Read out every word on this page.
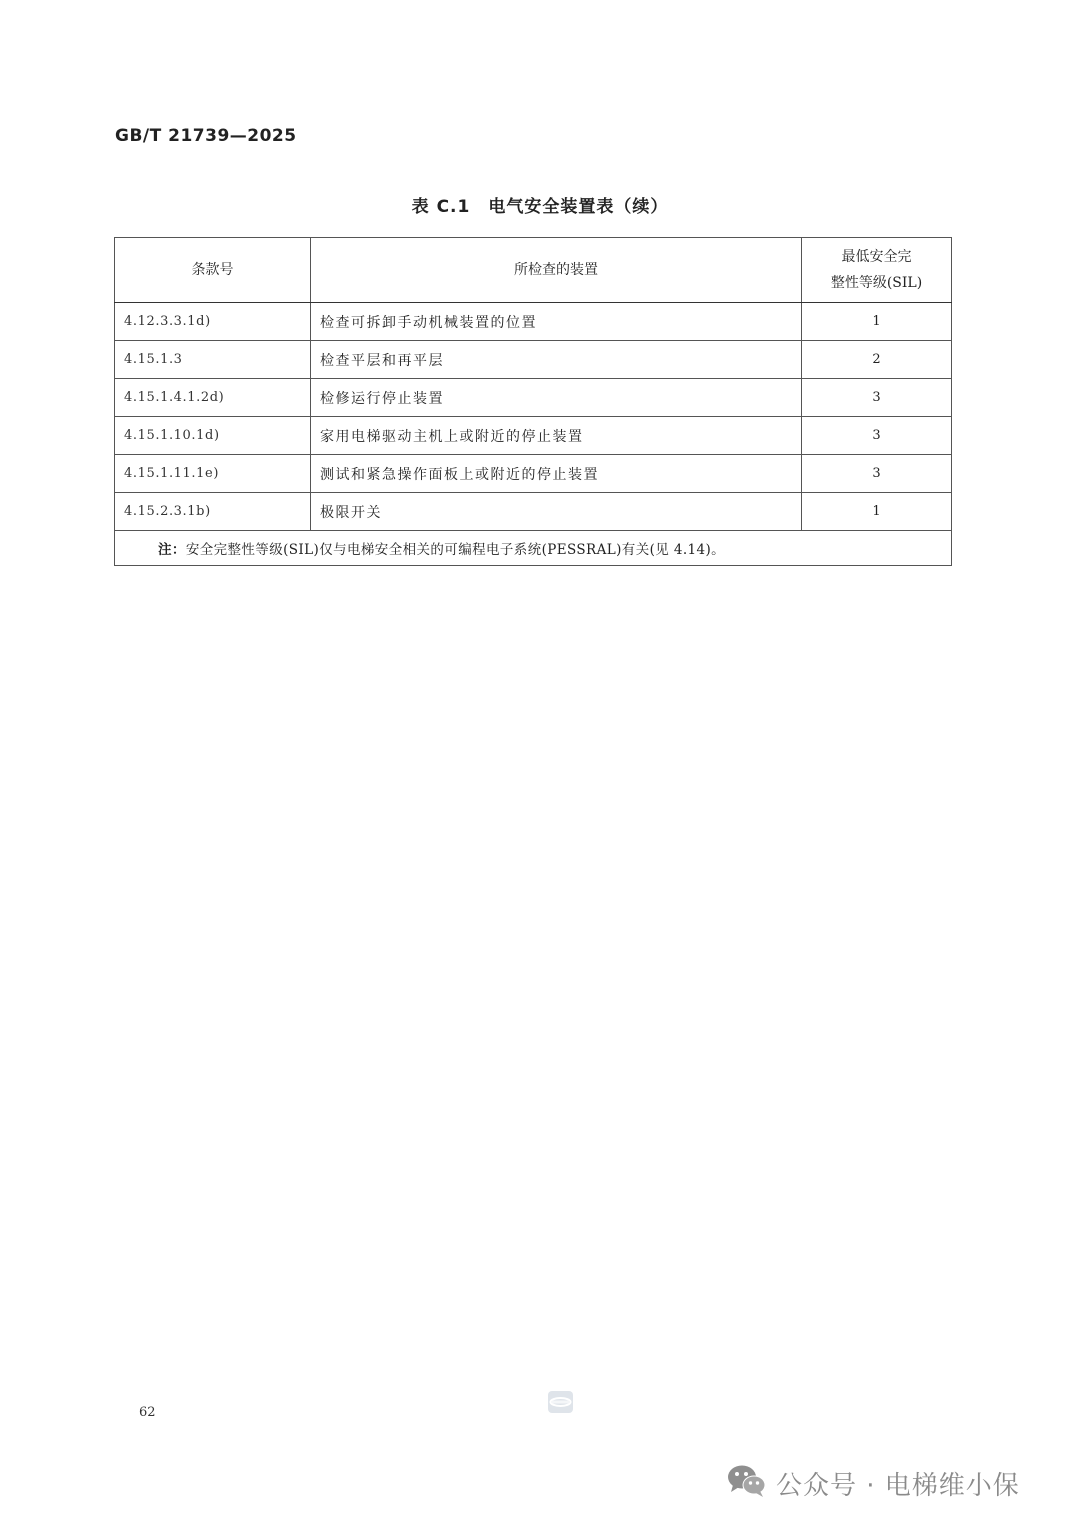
GB/T 21739—2025
表 C.1　电气安全装置表（续）
条款号	所检查的装置	最低安全完
整性等级(SIL)

4.12.3.3.1d)	检查可拆卸手动机械装置的位置	1
4.15.1.3	检查平层和再平层	2
4.15.1.4.1.2d)	检修运行停止装置	3
4.15.1.10.1d)	家用电梯驱动主机上或附近的停止装置	3
4.15.1.11.1e)	测试和紧急操作面板上或附近的停止装置	3
4.15.2.3.1b)	极限开关	1
注：安全完整性等级(SIL)仅与电梯安全相关的可编程电子系统(PESSRAL)有关(见 4.14)。		
62
公众号 · 电梯维小保
